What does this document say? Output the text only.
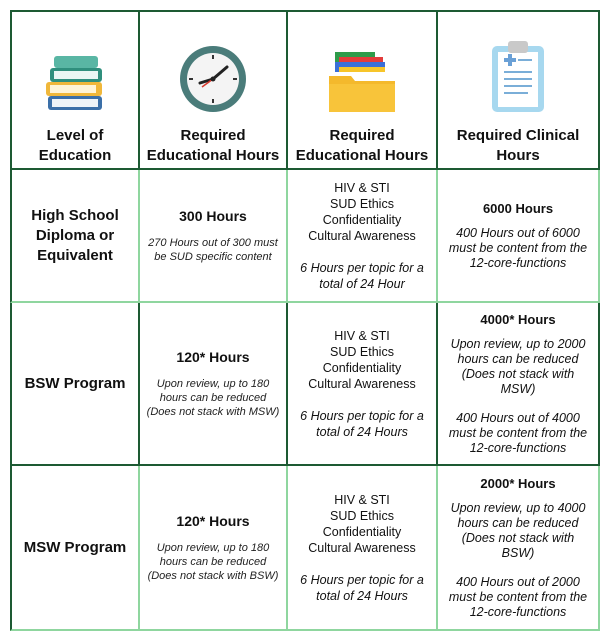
Level of Education
Required Educational Hours
Required Educational Hours
Required Clinical Hours
High School Diploma or Equivalent
300 Hours
270 Hours out of 300 must be SUD specific content
HIV & STI
SUD Ethics
Confidentiality
Cultural Awareness
6 Hours per topic for a total of 24 Hour
6000 Hours
400 Hours out of 6000 must be content from the 12-core-functions
BSW Program
120* Hours
Upon review, up to 180 hours can be reduced (Does not stack with MSW)
HIV & STI
SUD Ethics
Confidentiality
Cultural Awareness
6 Hours per topic for a total of 24 Hours
4000* Hours
Upon review, up to 2000 hours can be reduced (Does not stack with MSW)
400 Hours out of 4000 must be content from the 12-core-functions
MSW Program
120* Hours
Upon review, up to 180 hours can be reduced (Does not stack with BSW)
HIV & STI
SUD Ethics
Confidentiality
Cultural Awareness
6 Hours per topic for a total of 24 Hours
2000* Hours
Upon review, up to 4000 hours can be reduced (Does not stack with BSW)
400 Hours out of 2000 must be content from the 12-core-functions
